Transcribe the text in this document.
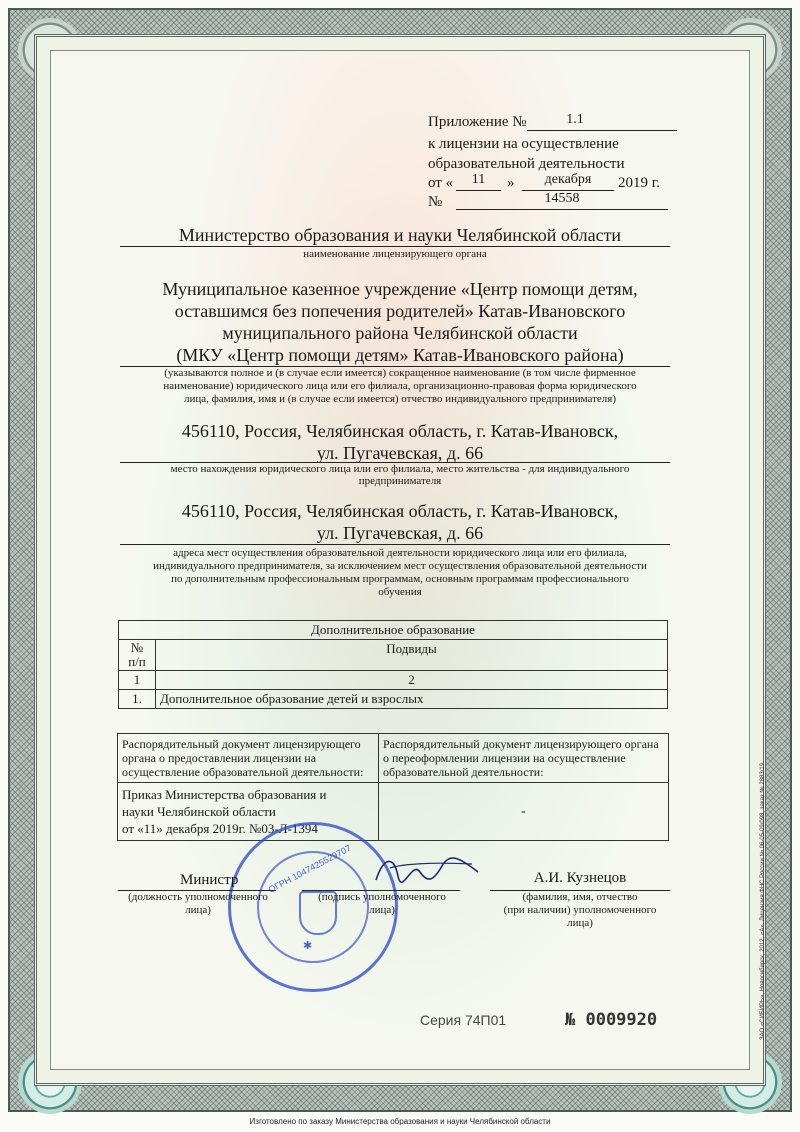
Приложение №	1.1
к лицензии на осуществление
образовательной деятельности
от «	11	»	декабря	2019 г.
№	14558
Министерство образования и науки Челябинской области
наименование лицензирующего органа
Муниципальное казенное учреждение «Центр помощи детям,
оставшимся без попечения родителей» Катав-Ивановского
муниципального района Челябинской области
(МКУ «Центр помощи детям» Катав-Ивановского района)
(указываются полное и (в случае если имеется) сокращенное наименование (в том числе фирменное
наименование) юридического лица или его филиала, организационно-правовая форма юридического
лица, фамилия, имя и (в случае если имеется) отчество индивидуального предпринимателя)
456110, Россия, Челябинская область, г. Катав-Ивановск,
ул. Пугачевская, д. 66
место нахождения юридического лица или его филиала, место жительства - для индивидуального
предпринимателя
456110, Россия, Челябинская область, г. Катав-Ивановск,
ул. Пугачевская, д. 66
адреса мест осуществления образовательной деятельности юридического лица или его филиала,
индивидуального предпринимателя, за исключением мест осуществления образовательной деятельности
по дополнительным профессиональным программам, основным программам профессионального
обучения
Дополнительное образование	
№
п/п	Подвиды
1	2
1.	Дополнительное образование детей и взрослых
Распорядительный документ лицензирующего органа о предоставлении лицензии на осуществление образовательной деятельности:	Распорядительный документ лицензирующего органа о переоформлении лицензии на осуществление образовательной деятельности:

Приказ Министерства образования и
науки Челябинской области
от «11» декабря 2019г. №03-Л-1394	-
ОГРН 1047425529707
✱
Министр
(должность уполномоченного
лица)
(подпись уполномоченного
лица)
А.И. Кузнецов
(фамилия, имя, отчество
(при наличии) уполномоченного
лица)
Серия 74П01	№ 0009920	ЗАО «СИБИРЬ», Новосибирск, 2012, «А». Лицензия ФНС России № 06-05-09/098, заказ № 2883/19
Изготовлено по заказу Министерства образования и науки Челябинской области
